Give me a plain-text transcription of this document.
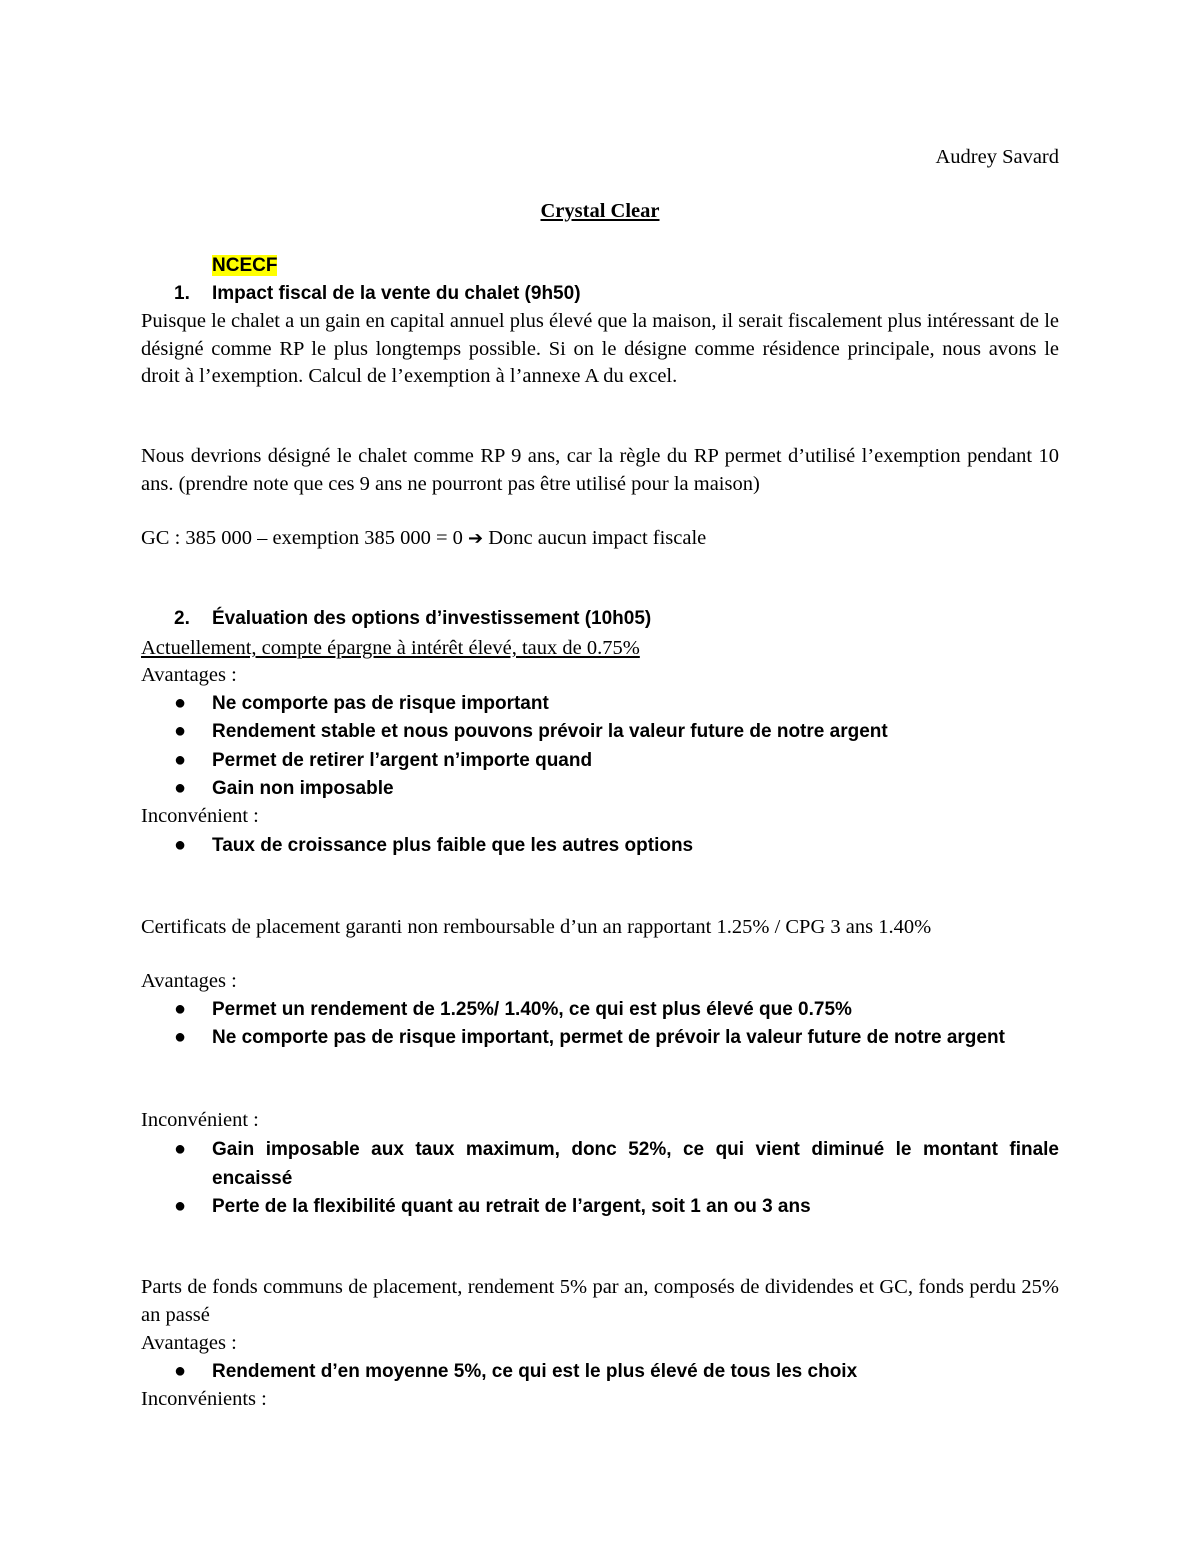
Audrey Savard
Crystal Clear
NCECF
1. Impact fiscal de la vente du chalet (9h50)
Puisque le chalet a un gain en capital annuel plus élevé que la maison, il serait fiscalement plus intéressant de le désigné comme RP le plus longtemps possible. Si on le désigne comme résidence principale, nous avons le droit à l’exemption. Calcul de l’exemption à l’annexe A du excel.
Nous devrions désigné le chalet comme RP 9 ans, car la règle du RP permet d’utilisé l’exemption pendant 10 ans. (prendre note que ces 9 ans ne pourront pas être utilisé pour la maison)
GC : 385 000 – exemption 385 000 = 0 ➔ Donc aucun impact fiscale
2. Évaluation des options d’investissement (10h05)
Actuellement, compte épargne à intérêt élevé, taux de 0.75%
Avantages :
● Ne comporte pas de risque important
● Rendement stable et nous pouvons prévoir la valeur future de notre argent
● Permet de retirer l’argent n’importe quand
● Gain non imposable
Inconvénient :
● Taux de croissance plus faible que les autres options
Certificats de placement garanti non remboursable d’un an rapportant 1.25% / CPG 3 ans 1.40%
Avantages :
● Permet un rendement de 1.25%/ 1.40%, ce qui est plus élevé que 0.75%
● Ne comporte pas de risque important, permet de prévoir la valeur future de notre argent
Inconvénient :
● Gain imposable aux taux maximum, donc 52%, ce qui vient diminué le montant finale encaissé
● Perte de la flexibilité quant au retrait de l’argent, soit 1 an ou 3 ans
Parts de fonds communs de placement, rendement 5% par an, composés de dividendes et GC, fonds perdu 25% an passé
Avantages :
● Rendement d’en moyenne 5%, ce qui est le plus élevé de tous les choix
Inconvénients :
